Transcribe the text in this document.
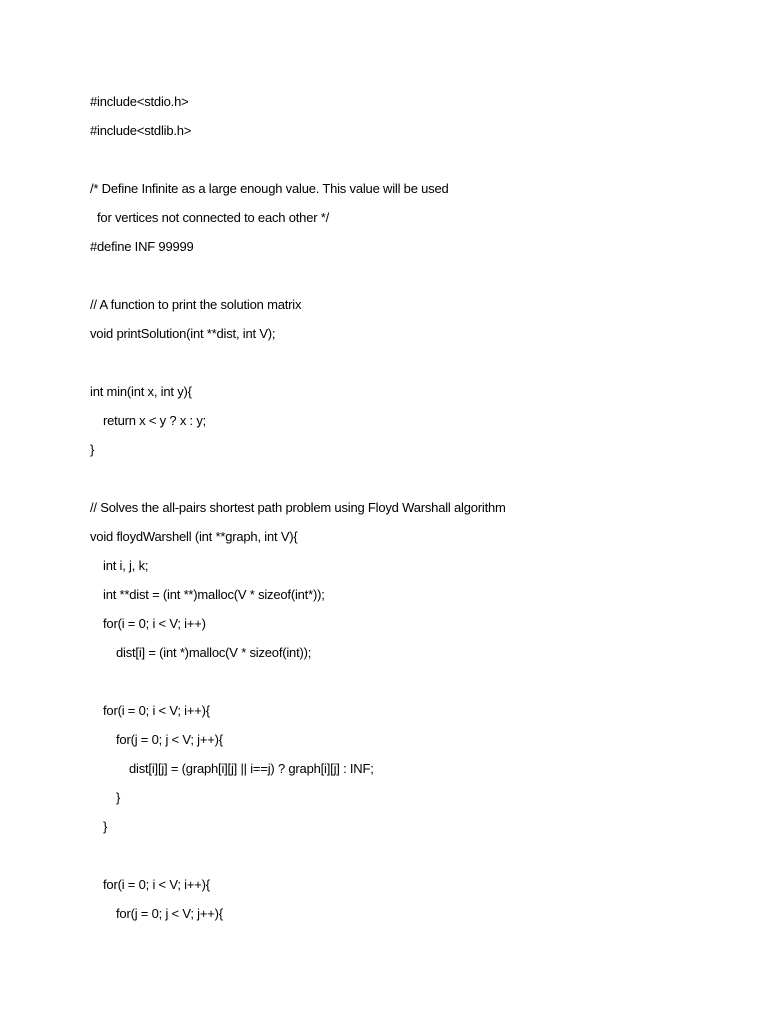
#include<stdio.h>
#include<stdlib.h>
/* Define Infinite as a large enough value. This value will be used
for vertices not connected to each other */
#define INF 99999
// A function to print the solution matrix
void printSolution(int **dist, int V);
int min(int x, int y){
return x < y ? x : y;
}
// Solves the all-pairs shortest path problem using Floyd Warshall algorithm
void floydWarshell (int **graph, int V){
int i, j, k;
int **dist = (int **)malloc(V * sizeof(int*));
for(i = 0; i < V; i++)
dist[i] = (int *)malloc(V * sizeof(int));
for(i = 0; i < V; i++){
for(j = 0; j < V; j++){
dist[i][j] = (graph[i][j] || i==j) ? graph[i][j] : INF;
}
}
for(i = 0; i < V; i++){
for(j = 0; j < V; j++){
